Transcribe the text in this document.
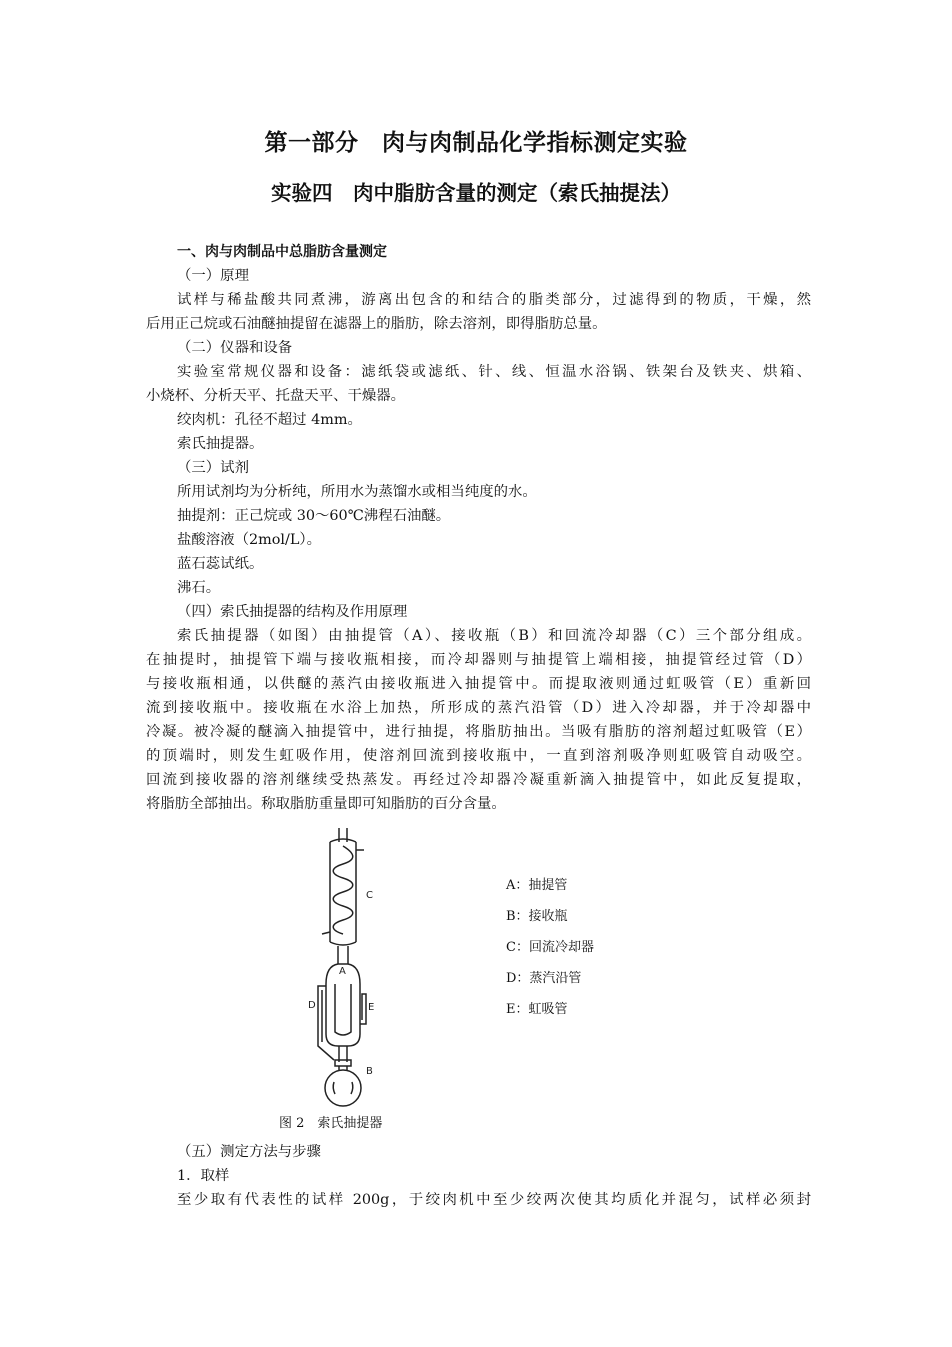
第一部分　肉与肉制品化学指标测定实验
实验四　肉中脂肪含量的测定（索氏抽提法）
一、肉与肉制品中总脂肪含量测定
（一）原理
试样与稀盐酸共同煮沸，游离出包含的和结合的脂类部分，过滤得到的物质，干燥，然
后用正己烷或石油醚抽提留在滤器上的脂肪，除去溶剂，即得脂肪总量。
（二）仪器和设备
实验室常规仪器和设备：滤纸袋或滤纸、针、线、恒温水浴锅、铁架台及铁夹、烘箱、
小烧杯、分析天平、托盘天平、干燥器。
绞肉机：孔径不超过 4mm。
索氏抽提器。
（三）试剂
所用试剂均为分析纯，所用水为蒸馏水或相当纯度的水。
抽提剂：正己烷或 30～60℃沸程石油醚。
盐酸溶液（2mol/L）。
蓝石蕊试纸。
沸石。
（四）索氏抽提器的结构及作用原理
索氏抽提器（如图）由抽提管（A）、接收瓶（B）和回流冷却器（C）三个部分组成。
在抽提时，抽提管下端与接收瓶相接，而冷却器则与抽提管上端相接，抽提管经过管（D）
与接收瓶相通，以供醚的蒸汽由接收瓶进入抽提管中。而提取液则通过虹吸管（E）重新回
流到接收瓶中。接收瓶在水浴上加热，所形成的蒸汽沿管（D）进入冷却器，并于冷却器中
冷凝。被冷凝的醚滴入抽提管中，进行抽提，将脂肪抽出。当吸有脂肪的溶剂超过虹吸管（E）
的顶端时，则发生虹吸作用，使溶剂回流到接收瓶中，一直到溶剂吸净则虹吸管自动吸空。
回流到接收器的溶剂继续受热蒸发。再经过冷却器冷凝重新滴入抽提管中，如此反复提取，
将脂肪全部抽出。称取脂肪重量即可知脂肪的百分含量。
C
A
D	E
B
A：抽提管
B：接收瓶
C：回流冷却器
D：蒸汽沿管
E：虹吸管
图 2　索氏抽提器
（五）测定方法与步骤
1．取样
至少取有代表性的试样 200g，于绞肉机中至少绞两次使其均质化并混匀，试样必须封
